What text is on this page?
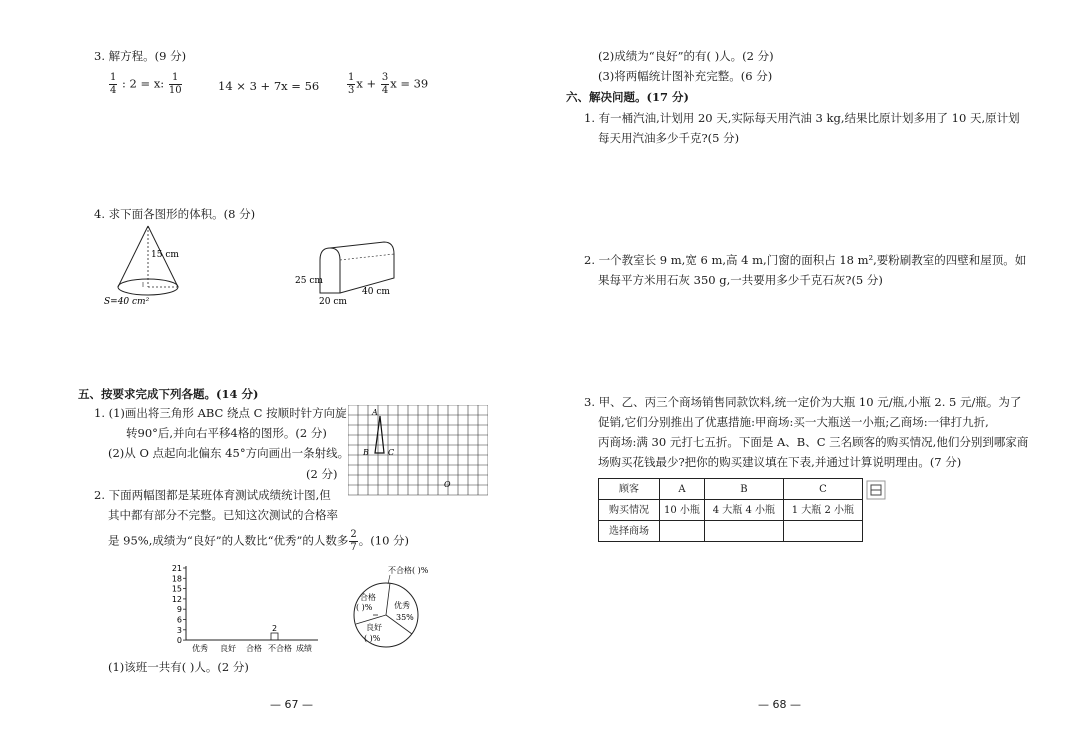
3. 解方程。(9 分)
$\frac{1}{4}$ : 2 = x: $\frac{1}{10}$	14 × 3 + 7x = 56	$\frac{1}{3}$ $x + \frac{3}{4}$ x = 39
4. 求下面各图形的体积。(8 分)
15 cm
S=40 cm²
25 cm
20 cm
40 cm
五、按要求完成下列各题。(14 分)
1. (1)画出将三角形 ABC 绕点 C 按顺时针方向旋
转90°后,并向右平移4格的图形。(2 分)
(2)从 O 点起向北偏东 45°方向画出一条射线。
(2 分)
A
B C
O
2. 下面两幅图都是某班体育测试成绩统计图,但
其中都有部分不完整。已知这次测试的合格率
是 95%,成绩为“良好”的人数比“优秀”的人数多 $\frac{2}{7}$ 。(10 分)
21
18
15
12
9
6
3
0
优秀 良好 合格 不合格 成绩
2
不合格( )%
合格
( )%	优秀
35%
良好
( )%
(1)该班一共有( )人。(2 分)
— 67 —
(2)成绩为“良好”的有( )人。(2 分)
(3)将两幅统计图补充完整。(6 分)
六、解决问题。(17 分)
1. 有一桶汽油,计划用 20 天,实际每天用汽油 3 kg,结果比原计划多用了 10 天,原计划
每天用汽油多少千克?(5 分)
2. 一个教室长 9 m,宽 6 m,高 4 m,门窗的面积占 18 m²,要粉刷教室的四壁和屋顶。如
果每平方米用石灰 350 g,一共要用多少千克石灰?(5 分)
3. 甲、乙、丙三个商场销售同款饮料,统一定价为大瓶 10 元/瓶,小瓶 2. 5 元/瓶。为了
促销,它们分别推出了优惠措施:甲商场:买一大瓶送一小瓶;乙商场:一律打九折,
丙商场:满 30 元打七五折。下面是 A、B、C 三名顾客的购买情况,他们分别到哪家商
场购买花钱最少?把你的购买建议填在下表,并通过计算说明理由。(7 分)
顾客	A	B	C
购买情况	10 小瓶	4 大瓶 4 小瓶	1 大瓶 2 小瓶
选择商场			
— 68 —
